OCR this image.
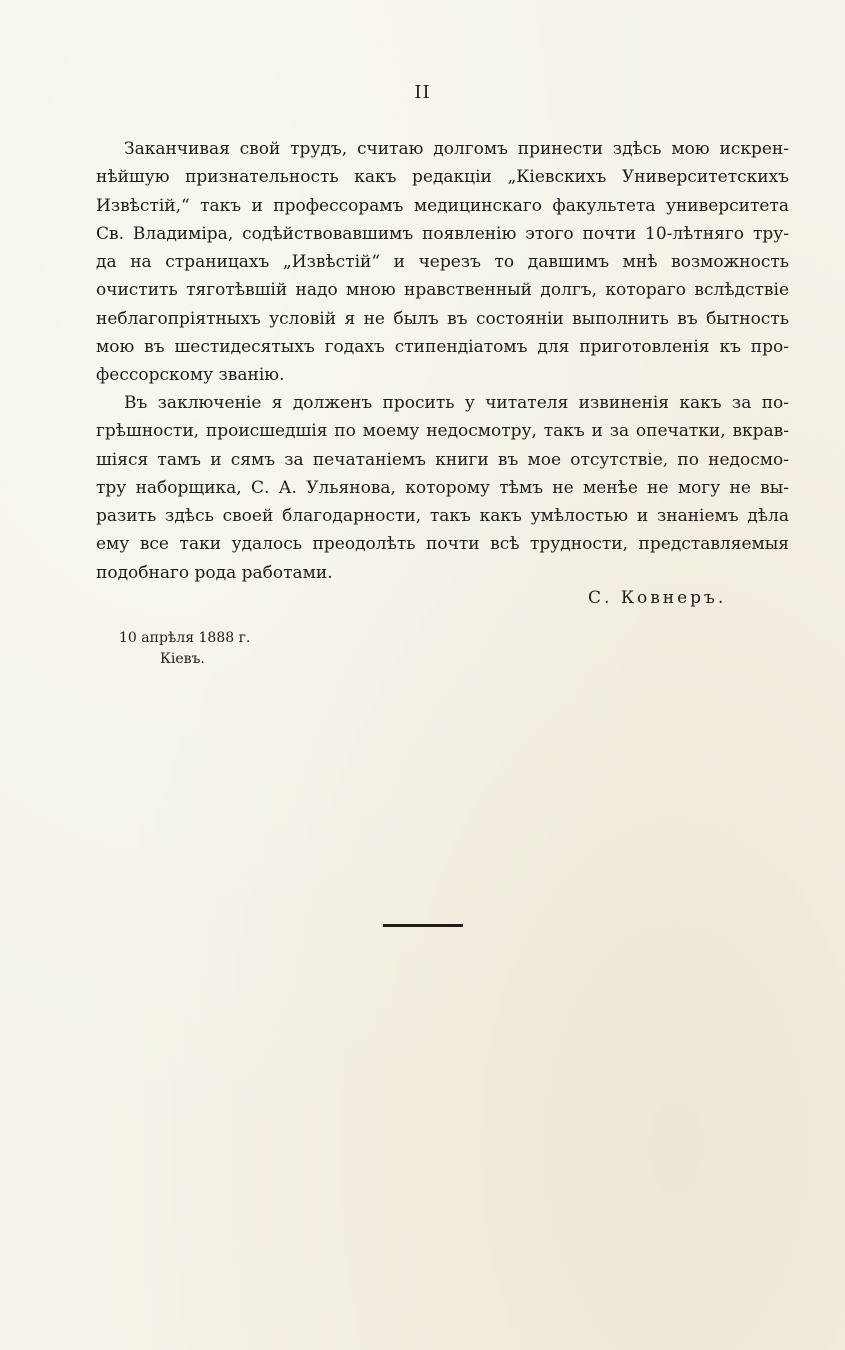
II
Заканчивая свой трудъ, считаю долгомъ принести здѣсь мою искрен-
нѣйшую признательность какъ редакціи „Кіевскихъ Университетскихъ
Извѣстій,“ такъ и профессорамъ медицинскаго факультета университета
Св. Владиміра, содѣйствовавшимъ появленію этого почти 10-лѣтняго тру-
да на страницахъ „Извѣстій“ и черезъ то давшимъ мнѣ возможность
очистить тяготѣвшій надо мною нравственный долгъ, котораго вслѣдствіе
неблагопріятныхъ условій я не былъ въ состояніи выполнить въ бытность
мою въ шестидесятыхъ годахъ стипендіатомъ для приготовленія къ про-
фессорскому званію.
Въ заключеніе я долженъ просить у читателя извиненія какъ за по-
грѣшности, происшедшія по моему недосмотру, такъ и за опечатки, вкрав-
шіяся тамъ и сямъ за печатаніемъ книги въ мое отсутствіе, по недосмо-
тру наборщика, С. А. Ульянова, которому тѣмъ не менѣе не могу не вы-
разить здѣсь своей благодарности, такъ какъ умѣлостью и знаніемъ дѣла
ему все таки удалось преодолѣть почти всѣ трудности, представляемыя
подобнаго рода работами.
С. Ковнеръ.
10 апрѣля 1888 г.
Кіевъ.
